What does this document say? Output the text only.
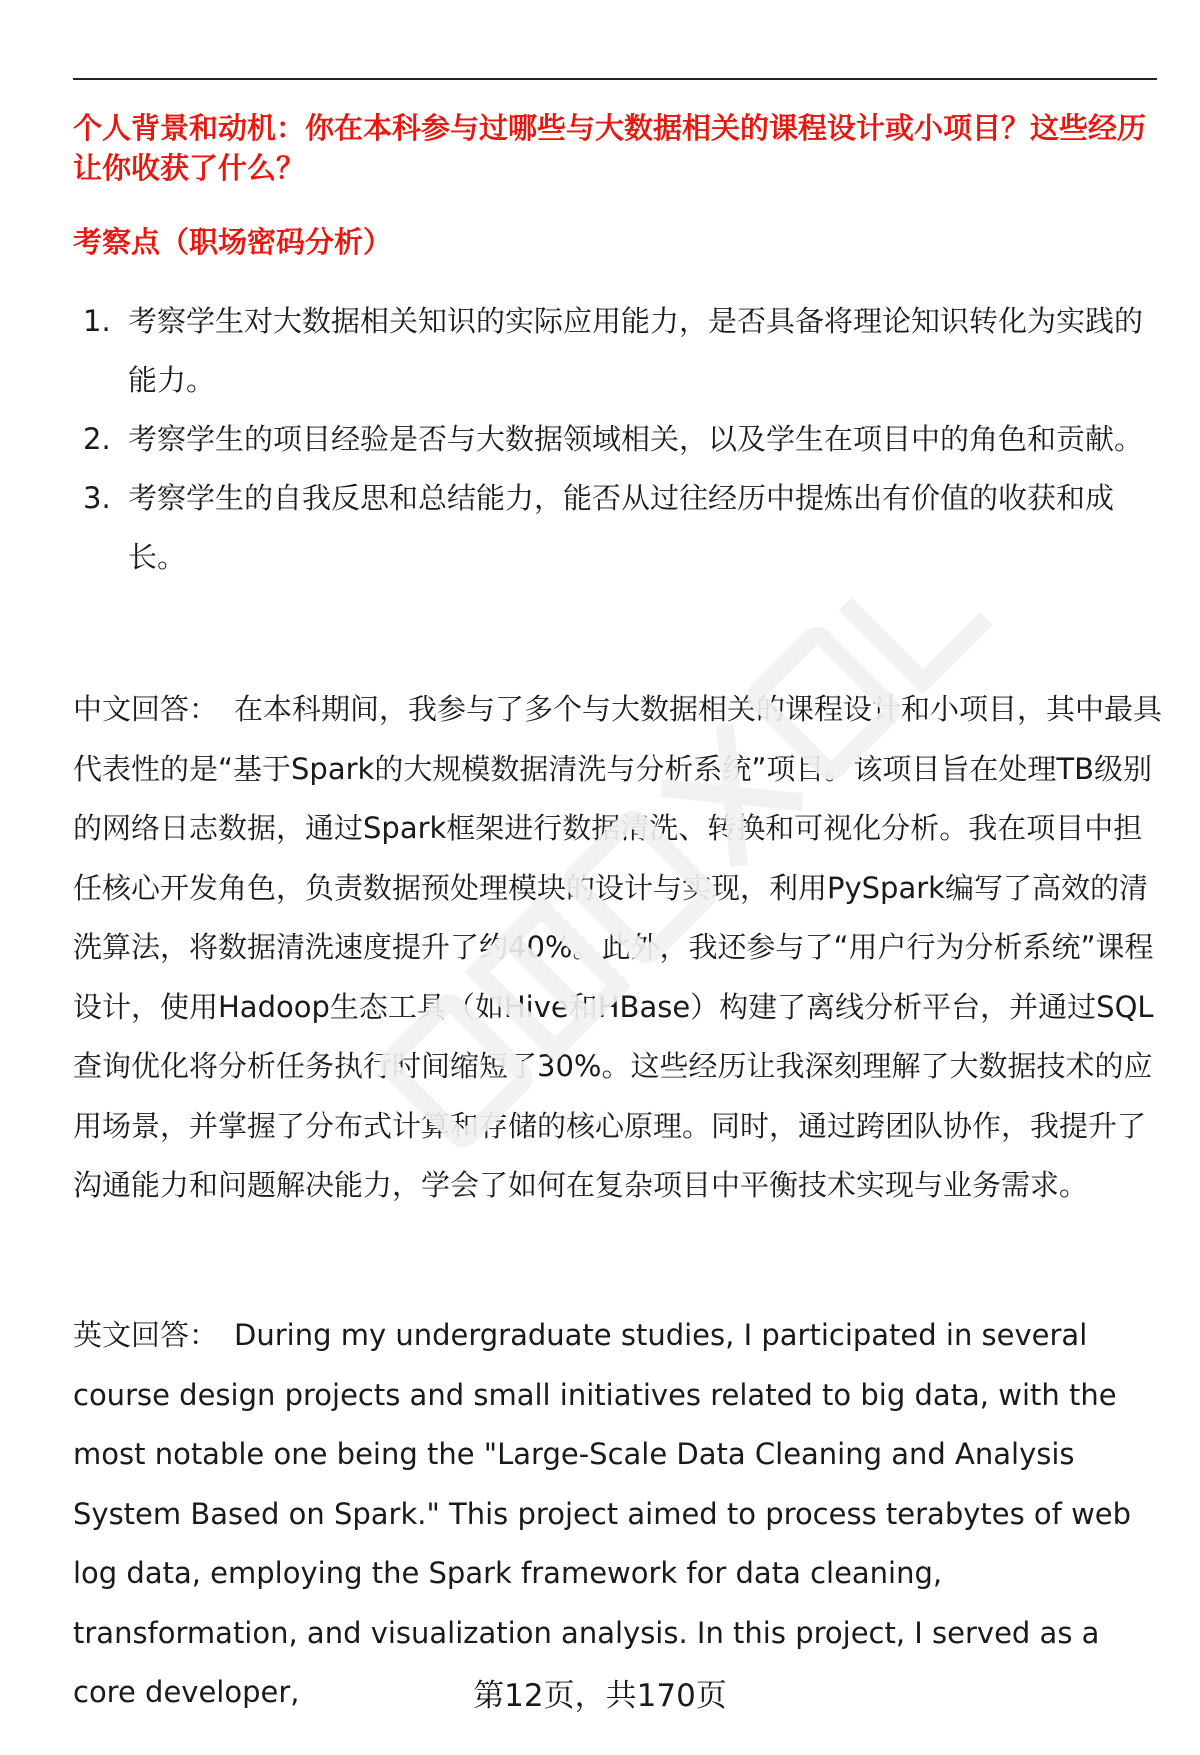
个人背景和动机：你在本科参与过哪些与大数据相关的课程设计或小项目？这些经历让你收获了什么？
考察点（职场密码分析）
1. 考察学生对大数据相关知识的实际应用能力，是否具备将理论知识转化为实践的能力。
2. 考察学生的项目经验是否与大数据领域相关，以及学生在项目中的角色和贡献。
3. 考察学生的自我反思和总结能力，能否从过往经历中提炼出有价值的收获和成长。

中文回答： 在本科期间，我参与了多个与大数据相关的课程设计和小项目，其中最具代表性的是“基于Spark的大规模数据清洗与分析系统”项目。该项目旨在处理TB级别的网络日志数据，通过Spark框架进行数据清洗、转换和可视化分析。我在项目中担任核心开发角色，负责数据预处理模块的设计与实现，利用PySpark编写了高效的清洗算法，将数据清洗速度提升了约40%。此外，我还参与了“用户行为分析系统”课程设计，使用Hadoop生态工具（如Hive和HBase）构建了离线分析平台，并通过SQL查询优化将分析任务执行时间缩短了30%。这些经历让我深刻理解了大数据技术的应用场景，并掌握了分布式计算和存储的核心原理。同时，通过跨团队协作，我提升了沟通能力和问题解决能力，学会了如何在复杂项目中平衡技术实现与业务需求。

英文回答： During my undergraduate studies, I participated in several course design projects and small initiatives related to big data, with the most notable one being the "Large-Scale Data Cleaning and Analysis System Based on Spark." This project aimed to process terabytes of web log data, employing the Spark framework for data cleaning, transformation, and visualization analysis. In this project, I served as a core developer,	第12页，共170页
